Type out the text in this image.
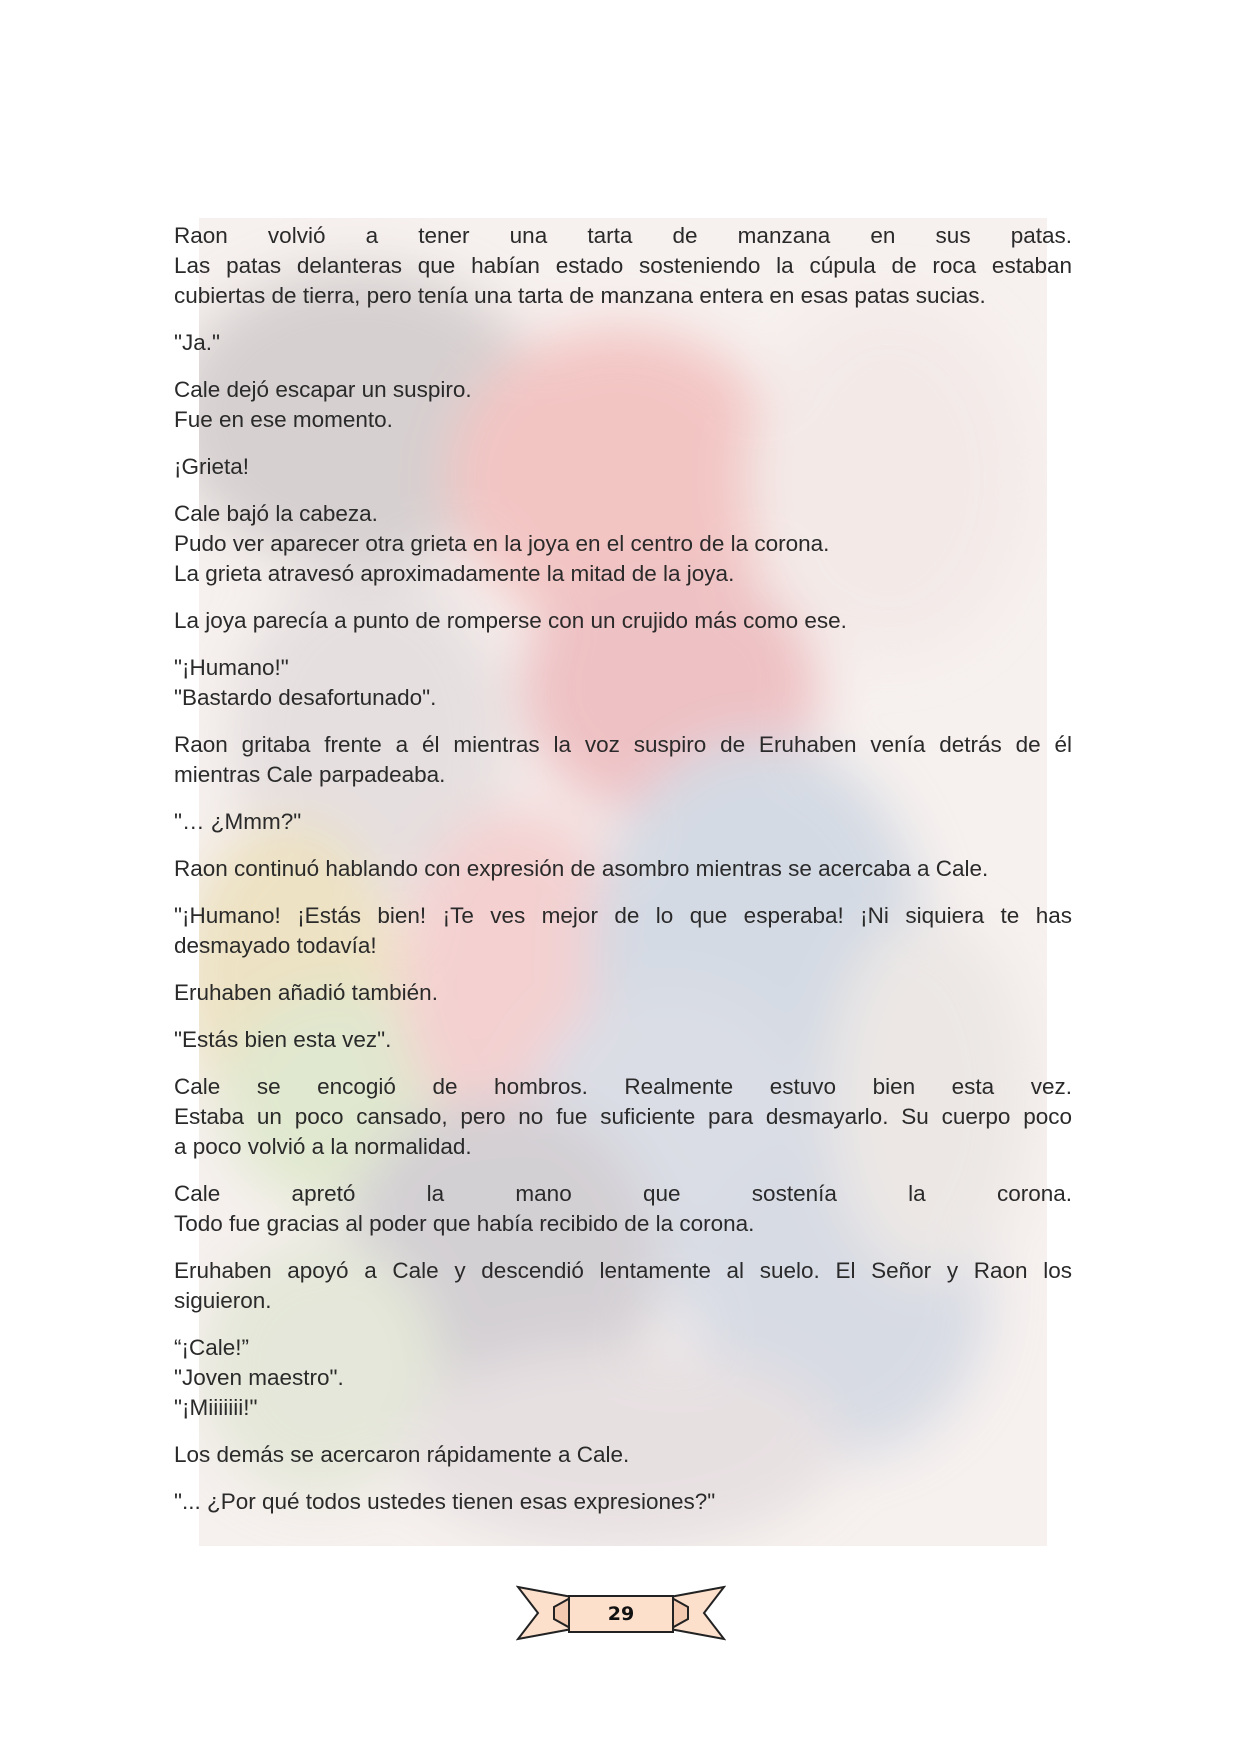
Raon volvió a tener una tarta de manzana en sus patas.
Las patas delanteras que habían estado sosteniendo la cúpula de roca estaban
cubiertas de tierra, pero tenía una tarta de manzana entera en esas patas sucias.

"Ja."

Cale dejó escapar un suspiro.
Fue en ese momento.

¡Grieta!

Cale bajó la cabeza.
Pudo ver aparecer otra grieta en la joya en el centro de la corona.
La grieta atravesó aproximadamente la mitad de la joya.

La joya parecía a punto de romperse con un crujido más como ese.

"¡Humano!"
"Bastardo desafortunado".

Raon gritaba frente a él mientras la voz suspiro de Eruhaben venía detrás de él
mientras Cale parpadeaba.

"… ¿Mmm?"

Raon continuó hablando con expresión de asombro mientras se acercaba a Cale.

"¡Humano! ¡Estás bien! ¡Te ves mejor de lo que esperaba! ¡Ni siquiera te has
desmayado todavía!

Eruhaben añadió también.

"Estás bien esta vez".

Cale se encogió de hombros. Realmente estuvo bien esta vez.
Estaba un poco cansado, pero no fue suficiente para desmayarlo. Su cuerpo poco
a poco volvió a la normalidad.

Cale apretó la mano que sostenía la corona.
Todo fue gracias al poder que había recibido de la corona.

Eruhaben apoyó a Cale y descendió lentamente al suelo. El Señor y Raon los
siguieron.

“¡Cale!”
"Joven maestro".
"¡Miiiiiii!"

Los demás se acercaron rápidamente a Cale.

"... ¿Por qué todos ustedes tienen esas expresiones?"

29
